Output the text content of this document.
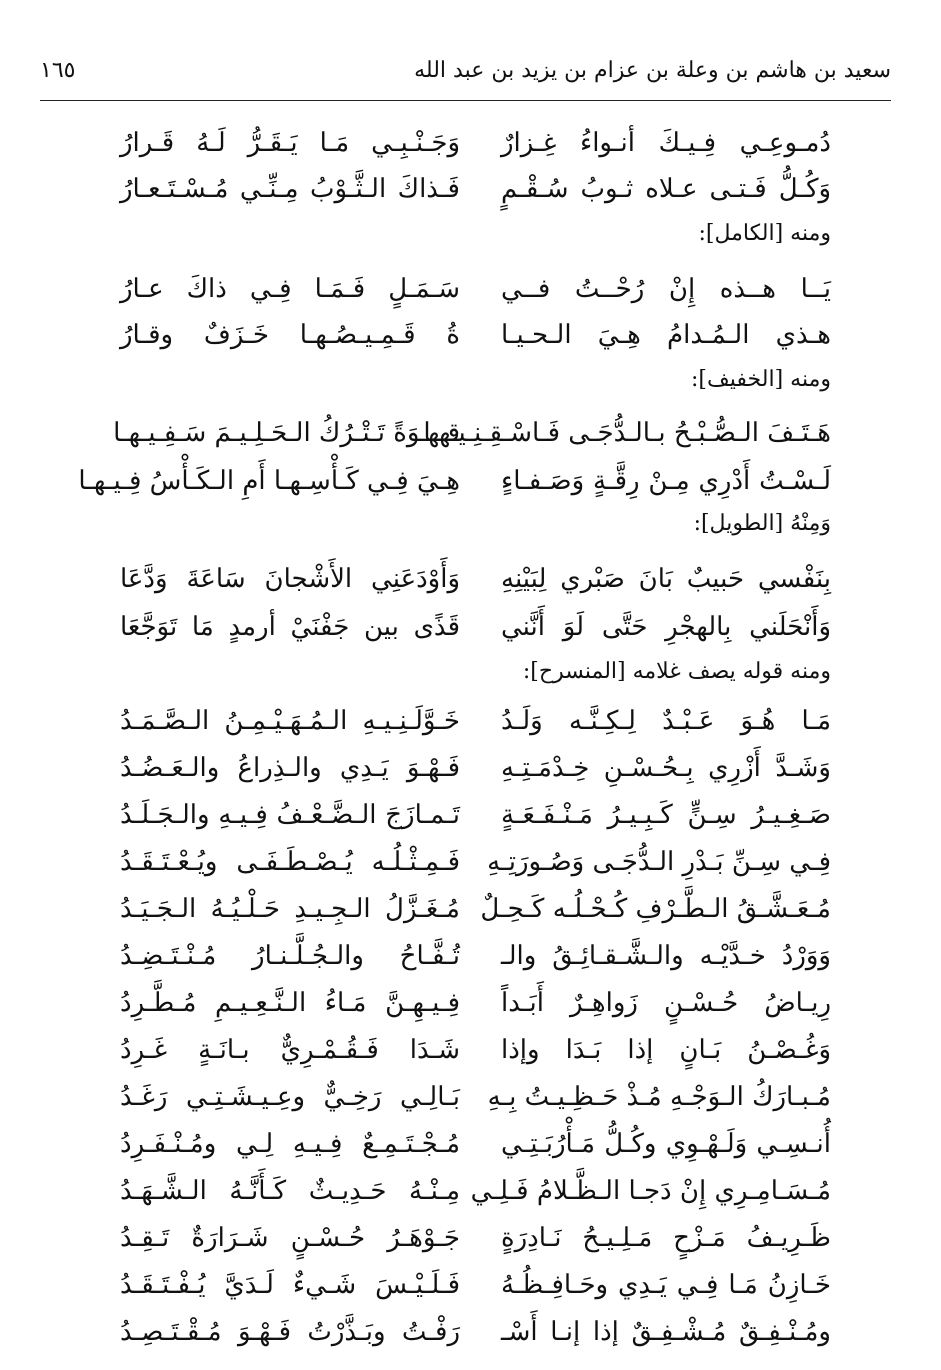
سعيد بن هاشم بن وعلة بن عزام بن يزيد بن عبد الله
١٦٥
دُمـوعِـي فِـيـكَ أنـواءُ غِـزارٌ
وَجَـنْـبِـي مَـا يَـقَـرُّ لَـهُ قَـرارُ
وَكُـلُّ فَـتـى عـلاه ثـوبُ سُـقْـمٍ
فَـذاكَ الـثَّـوْبُ مِـنِّـي مُـسْـتَـعـارُ
ومنه [الكامل]:
يَــا هــذه إِنْ رُحْــتُ فــي
سَـمَـلٍ فَـمَـا فِـي ذاكَ عـارُ
هـذي الـمُـدامُ هِـيَ الـحـيـا
ةُ قَـمِـيـصُـهـا خَـزَفٌ وقـارُ
ومنه [الخفيف]:
هَـتَـفَ الـصُّـبْـحُ بـالـدُّجَـى فَـاسْـقِـنِـيـهـا
قـهـوَةً تَـتْـرُكُ الـحَـلِـيـمَ سَـفِـيـهـا
لَـسْـتُ أَدْرِي مِـنْ رِقَّـةٍ وَصَـفـاءٍ
هِـيَ فِـي كَـأْسِـهـا أَمِ الـكَـأْسُ فِـيـهـا
وَمِنْهُ [الطويل]:
بِنَفْسي حَبيبٌ بَانَ صَبْري لِبَيْنِهِ
وَأَوْدَعَنِي الأَشْجانَ سَاعَةَ وَدَّعَا
وَأَنْحَلَني بِالهجْرِ حَتَّى لَوَ أَنَّني
قَذًى بين جَفْنَيْ أرمدٍ مَا تَوَجَّعَا
ومنه قوله يصف غلامه [المنسرح]:
مَـا هُـوَ عَـبْـدٌ لِـكِـنَّـه وَلَـدُ
خَـوَّلَـنِـيـهِ الـمُـهَـيْـمِـنُ الـصَّـمَـدُ
وَشَـدَّ أَزْرِي بِـحُـسْـنِ خِـدْمَـتِـهِ
فَـهْـوَ يَـدِي والـذِراعُ والـعَـضُـدُ
صَـغِـيـرُ سِـنٍّ كَـبِـيـرُ مَـنْـفَـعَـةٍ
تَـمـازَجَ الـضَّـعْـفُ فِـيـهِ والـجَـلَـدُ
فِـي سِـنِّ بَـدْرِ الـدُّجَـى وَصُـورَتِـهِ
فَـمِـثْـلُـه يُـصْـطَـفَـى ويُـعْـتَـقَـدُ
مُـعَـشَّـقُ الـطَّـرْفِ كُـحْـلُـه كَـحِـلٌ
مُـغَـزَّلُ الـجِـيـدِ حَـلْـيُـهُ الـجَـيَـدُ
وَوَرْدُ خـدَّيْـه والـشَّـقـائِـقُ والـ
تُـفَّـاحُ والـجُـلَّـنـارُ مُـنْـتَـضِـدُ
رِيـاضُ حُـسْـنٍ زَواهِـرٌ أَبَـداً
فِـيـهِـنَّ مَـاءُ الـنَّـعِـيـمِ مُـطَّـرِدُ
وَغُـصْـنُ بَـانٍ إذا بَـدَا وإذا
شَـدَا فَـقُـمْـرِيٌّ بـانَـةٍ غَـرِدُ
مُـبـارَكُ الـوَجْـهِ مُـذْ حَـظِـيـتُ بِـهِ
بَـالِـي رَخِـيٌّ وعِـيـشَـتِـي رَغَـدُ
أُنـسِـي وَلَـهْـوِي وكُـلُّ مَـأْرُبَـتِـي
مُـجْـتَـمِـعٌ فِـيـهِ لِـي ومُـنْـفَـرِدُ
مُـسَـامِـرِي إِنْ دَجـا الـظَّـلامُ فَـلِـي
مِـنْـهُ حَـدِيـثٌ كَـأَنَّـهُ الـشَّـهَـدُ
ظَـرِيـفُ مَـزْحٍ مَـلِـيـحُ نَـادِرَةٍ
جَـوْهَـرُ حُـسْـنٍ شَـرَارَةٌ تَـقِـدُ
خَـازِنُ مَـا فِـي يَـدِي وحَـافِـظُـهُ
فَـلَـيْـسَ شَـيءٌ لَـدَيَّ يُـفْـتَـقَـدُ
ومُـنْـفِـقٌ مُـشْـفِـقٌ إذا إنـا أَسْـ
رَفْـتُ وبَـذَّرْتُ فَـهْـوَ مُـقْـتَـصِـدُ
